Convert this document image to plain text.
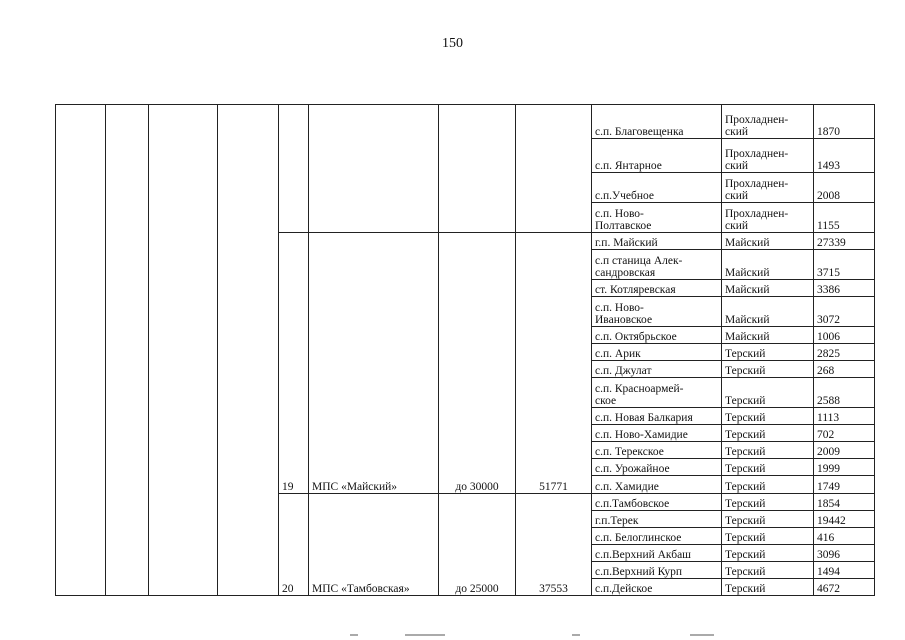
150
								с.п. Благовещенка	Прохладнен-
ский	1870
								с.п. Янтарное	Прохладнен-
ский	1493
								с.п.Учебное	Прохладнен-
ский	2008
								с.п. Ново-
Полтавское	Прохладнен-
ский	1155
				19	МПС «Майский»	до 30000	51771	г.п. Майский	Майский	27339
								с.п станица Алек-
сандровская	Майский	3715
								ст. Котляревская	Майский	3386
								с.п. Ново-
Ивановское	Майский	3072
								с.п. Октябрьское	Майский	1006
								с.п. Арик	Терский	2825
								с.п. Джулат	Терский	268
								с.п. Красноармей-
ское	Терский	2588
								с.п. Новая Балкария	Терский	1113
								с.п. Ново-Хамидие	Терский	702
								с.п. Терекское	Терский	2009
								с.п. Урожайное	Терский	1999
								с.п. Хамидие	Терский	1749
				20	МПС «Тамбовская»	до 25000	37553	с.п.Тамбовское	Терский	1854
								г.п.Терек	Терский	19442
								с.п. Белоглинское	Терский	416
								с.п.Верхний Акбаш	Терский	3096
								с.п.Верхний Курп	Терский	1494
								с.п.Дейское	Терский	4672
